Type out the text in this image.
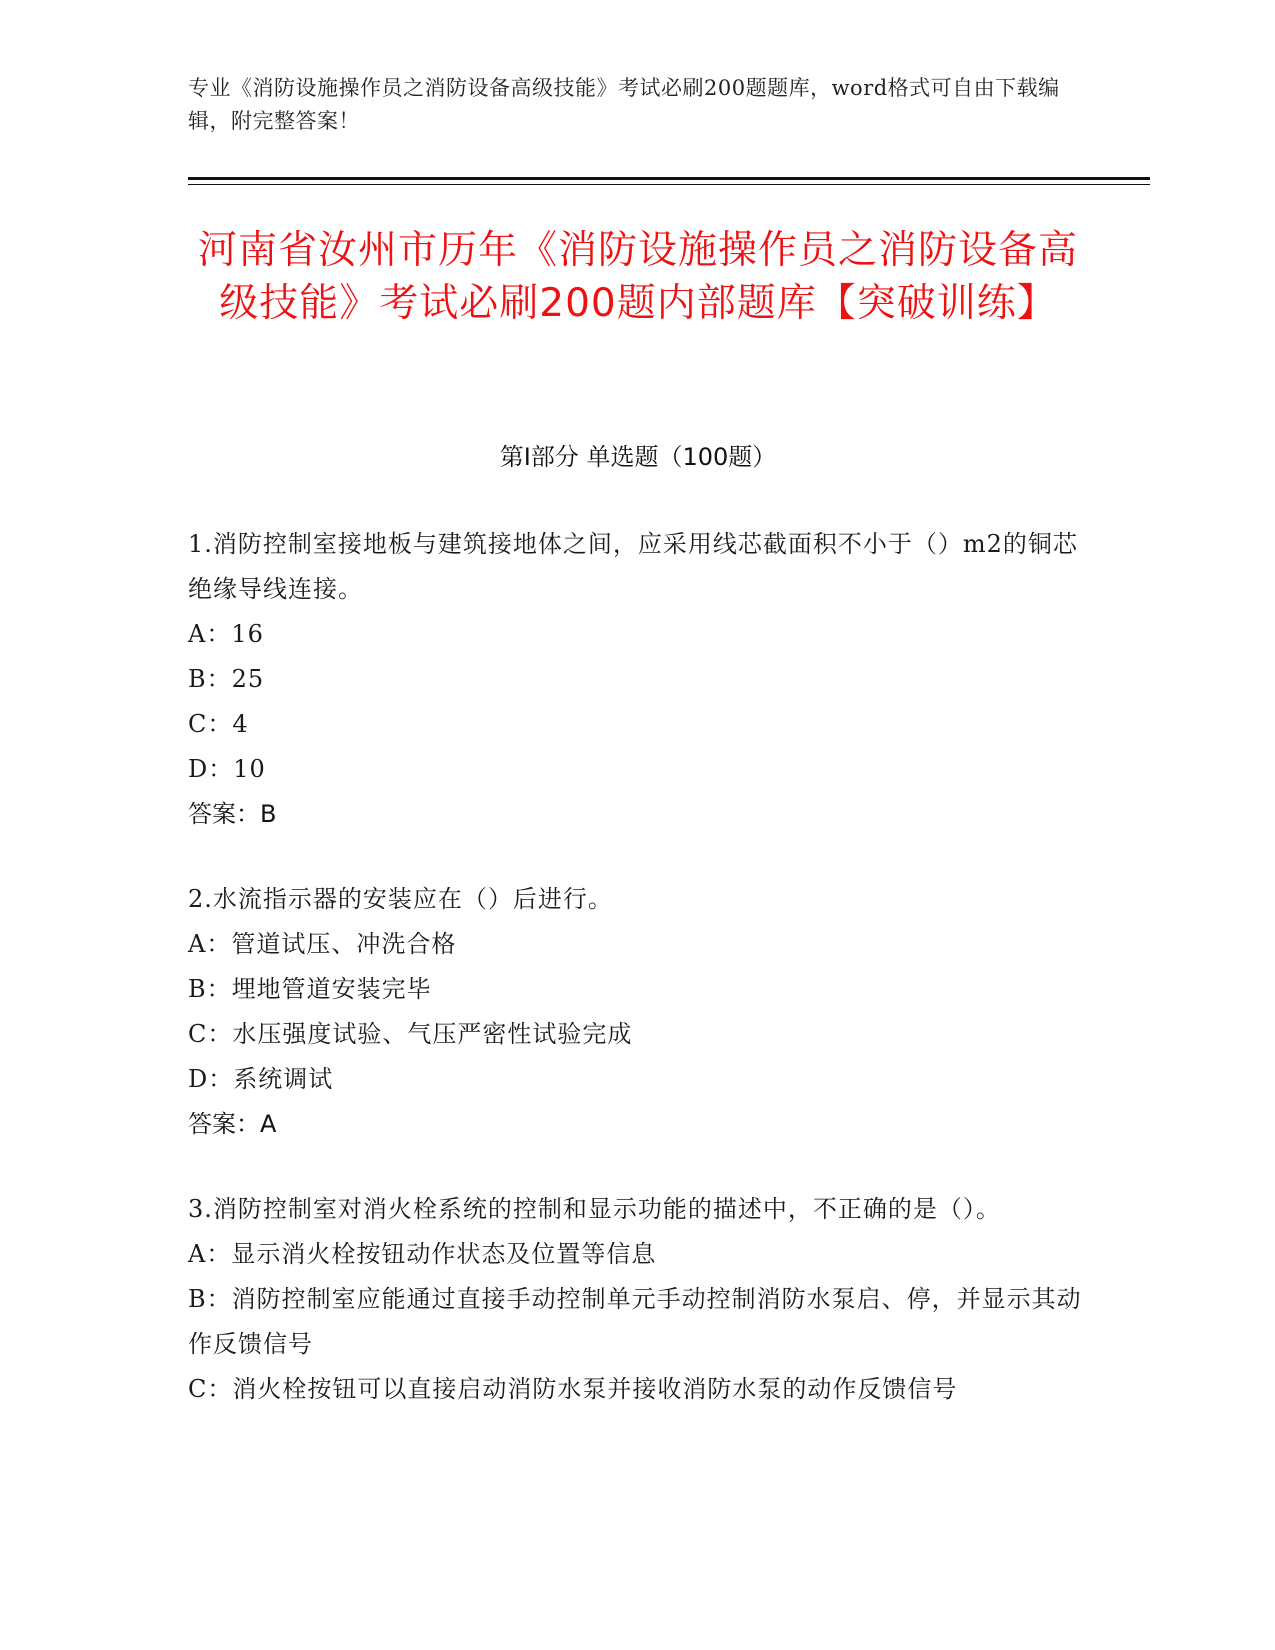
专业《消防设施操作员之消防设备高级技能》考试必刷200题题库，word格式可自由下载编辑，附完整答案！
河南省汝州市历年《消防设施操作员之消防设备高级技能》考试必刷200题内部题库【突破训练】
第I部分 单选题（100题）
1.消防控制室接地板与建筑接地体之间，应采用线芯截面积不小于（）m2的铜芯绝缘导线连接。
A：16
B：25
C：4
D：10
答案：B
2.水流指示器的安装应在（）后进行。
A：管道试压、冲洗合格
B：埋地管道安装完毕
C：水压强度试验、气压严密性试验完成
D：系统调试
答案：A
3.消防控制室对消火栓系统的控制和显示功能的描述中，不正确的是（）。
A：显示消火栓按钮动作状态及位置等信息
B：消防控制室应能通过直接手动控制单元手动控制消防水泵启、停，并显示其动作反馈信号
C：消火栓按钮可以直接启动消防水泵并接收消防水泵的动作反馈信号
